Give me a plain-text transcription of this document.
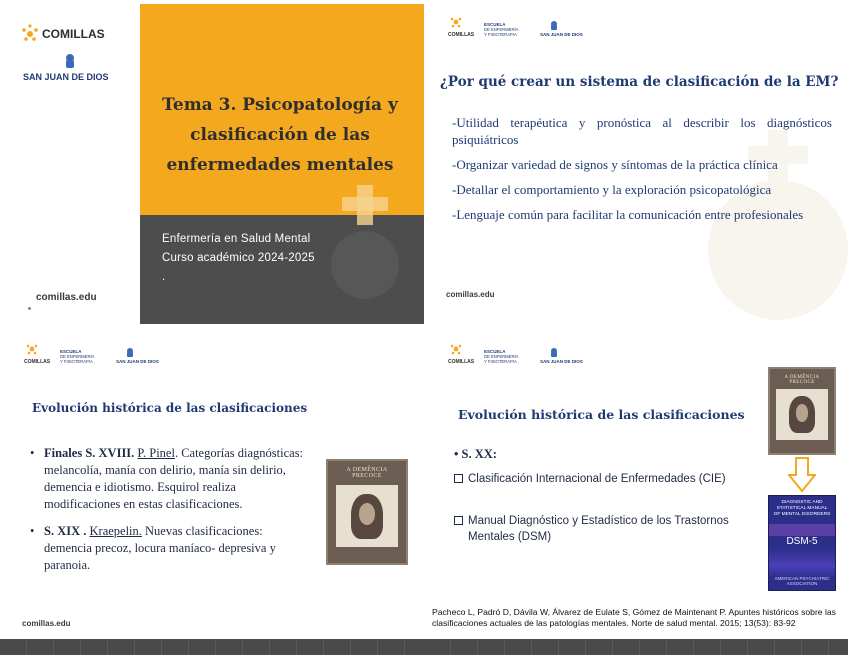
COMILLAS
SAN JUAN DE DIOS
Tema 3. Psicopatología y clasificación de las enfermedades mentales
Enfermería en Salud Mental
Curso académico 2024-2025
.
comillas.edu
COMILLAS
ESCUELA
DE ENFERMERÍA
Y FISIOTERAPIA	SAN JUAN DE DIOS
¿Por qué crear un sistema de clasificación de la EM?
-Utilidad terapéutica y pronóstica al describir los diagnósticos psiquiátricos
-Organizar variedad de signos y síntomas de la práctica clínica
-Detallar el comportamiento y la exploración psicopatológica
-Lenguaje común para facilitar la comunicación entre profesionales
comillas.edu
COMILLAS
ESCUELA
DE ENFERMERÍA
Y FISIOTERAPIA	SAN JUAN DE DIOS
Evolución histórica de las clasificaciones
• Finales S. XVIII. P. Pinel. Categorías diagnósticas: melancolía, manía con delirio, manía sin delirio, demencia e idiotismo. Esquirol realiza modificaciones en estas clasificaciones.
• S. XIX . Kraepelin. Nuevas clasificaciones: demencia precoz, locura maníaco- depresiva y paranoia.
A DEMÊNCIA PRECOCE
comillas.edu
COMILLAS
ESCUELA
DE ENFERMERÍA
Y FISIOTERAPIA	SAN JUAN DE DIOS
Evolución histórica de las clasificaciones
• S. XX:
Clasificación Internacional de Enfermedades (CIE)
Manual Diagnóstico y Estadístico de los Trastornos Mentales (DSM)
A DEMÊNCIA PRECOCE
DIAGNOSTIC AND STATISTICAL MANUAL OF MENTAL DISORDERS
DSM-5
AMERICAN PSYCHIATRIC ASSOCIATION
Pacheco L, Padró D, Dávila W, Álvarez de Eulate S, Gómez de Maintenant P. Apuntes históricos sobre las clasificaciones actuales de las patologías mentales. Norte de salud mental. 2015; 13(53): 83-92
